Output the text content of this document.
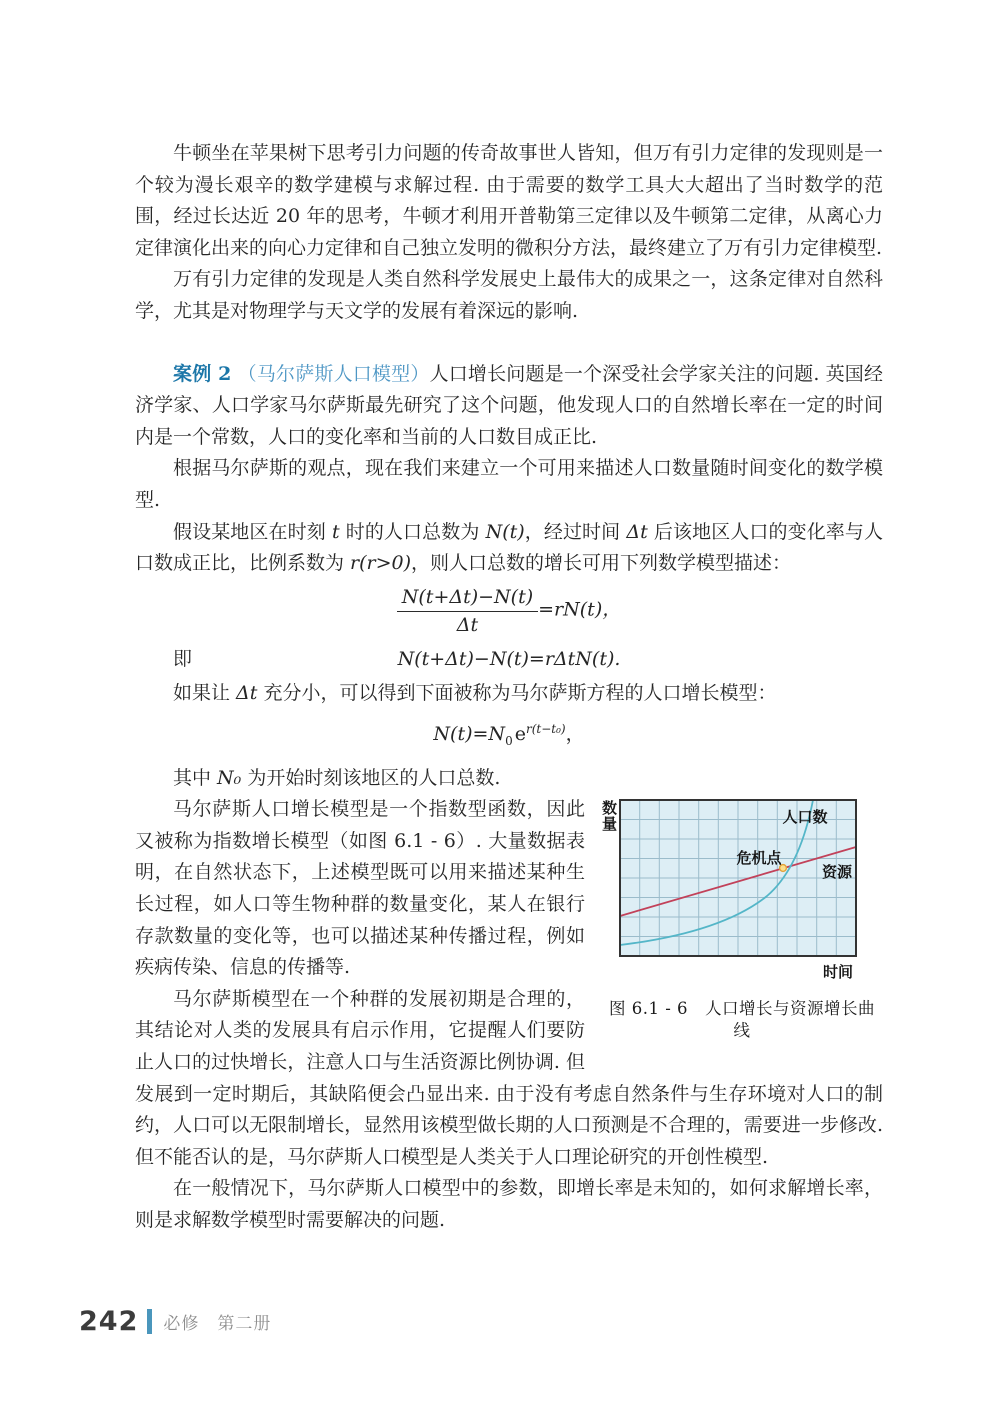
牛顿坐在苹果树下思考引力问题的传奇故事世人皆知，但万有引力定律的发现则是一个较为漫长艰辛的数学建模与求解过程. 由于需要的数学工具大大超出了当时数学的范围，经过长达近 20 年的思考，牛顿才利用开普勒第三定律以及牛顿第二定律，从离心力定律演化出来的向心力定律和自己独立发明的微积分方法，最终建立了万有引力定律模型.

万有引力定律的发现是人类自然科学发展史上最伟大的成果之一，这条定律对自然科学，尤其是对物理学与天文学的发展有着深远的影响.

案例 2 （马尔萨斯人口模型）人口增长问题是一个深受社会学家关注的问题. 英国经济学家、人口学家马尔萨斯最先研究了这个问题，他发现人口的自然增长率在一定的时间内是一个常数，人口的变化率和当前的人口数目成正比.

根据马尔萨斯的观点，现在我们来建立一个可用来描述人口数量随时间变化的数学模型.

假设某地区在时刻 t 时的人口总数为 N(t)，经过时间 Δt 后该地区人口的变化率与人口数成正比，比例系数为 r(r>0)，则人口总数的增长可用下列数学模型描述：

$\frac{N(t+\Delta t)-N(t)}{\Delta t} =rN(t)$，
即	N(t+Δt)−N(t)=rΔtN(t).

如果让 Δt 充分小，可以得到下面被称为马尔萨斯方程的人口增长模型：

$N(t)=N_0$ $e^{r(t-t_0)}$，

其中 N₀ 为开始时刻该地区的人口总数.

数量	人口数
危机点
资源
时间
图 6.1 - 6　人口增长与资源增长曲线

马尔萨斯人口增长模型是一个指数型函数，因此又被称为指数增长模型（如图 6.1 - 6）. 大量数据表明，在自然状态下，上述模型既可以用来描述某种生长过程，如人口等生物种群的数量变化，某人在银行存款数量的变化等，也可以描述某种传播过程，例如疾病传染、信息的传播等.

马尔萨斯模型在一个种群的发展初期是合理的，其结论对人类的发展具有启示作用，它提醒人们要防止人口的过快增长，注意人口与生活资源比例协调. 但发展到一定时期后，其缺陷便会凸显出来. 由于没有考虑自然条件与生存环境对人口的制约，人口可以无限制增长，显然用该模型做长期的人口预测是不合理的，需要进一步修改. 但不能否认的是，马尔萨斯人口模型是人类关于人口理论研究的开创性模型.

在一般情况下，马尔萨斯人口模型中的参数，即增长率是未知的，如何求解增长率，则是求解数学模型时需要解决的问题.

242 必修　第二册
